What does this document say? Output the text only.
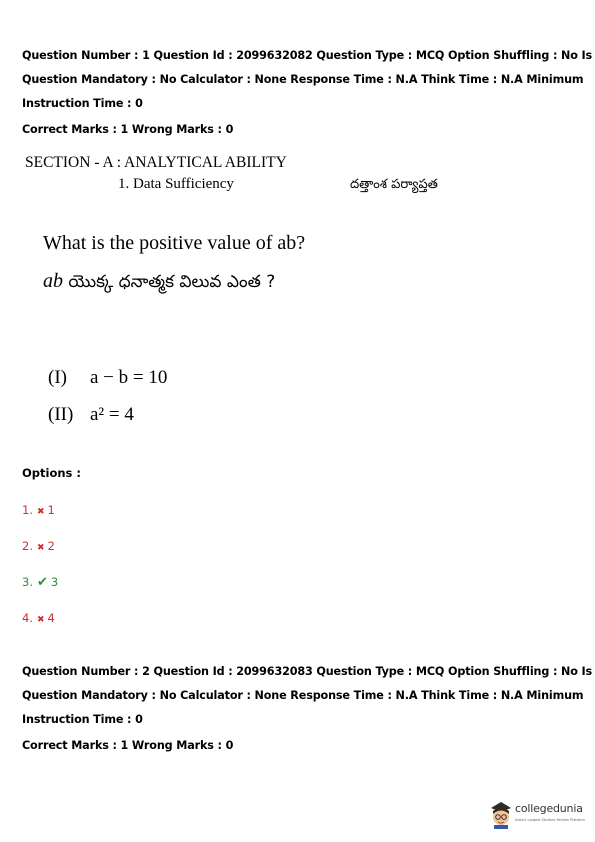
Question Number : 1 Question Id : 2099632082 Question Type : MCQ Option Shuffling : No Is
Question Mandatory : No Calculator : None Response Time : N.A Think Time : N.A Minimum
Instruction Time : 0
Correct Marks : 1 Wrong Marks : 0
SECTION - A : ANALYTICAL ABILITY
1. Data Sufficiency	దత్తాంశ పర్యాప్తత
What is the positive value of ab?
ab యొక్క ధనాత్మక విలువ ఎంత ?
(I) a − b = 10
(II) a² = 4
Options :
1. ✖ 1
2. ✖ 2
3. ✔ 3
4. ✖ 4
Question Number : 2 Question Id : 2099632083 Question Type : MCQ Option Shuffling : No Is
Question Mandatory : No Calculator : None Response Time : N.A Think Time : N.A Minimum
Instruction Time : 0
Correct Marks : 1 Wrong Marks : 0
collegedunia
India's Largest Student Review Platform
